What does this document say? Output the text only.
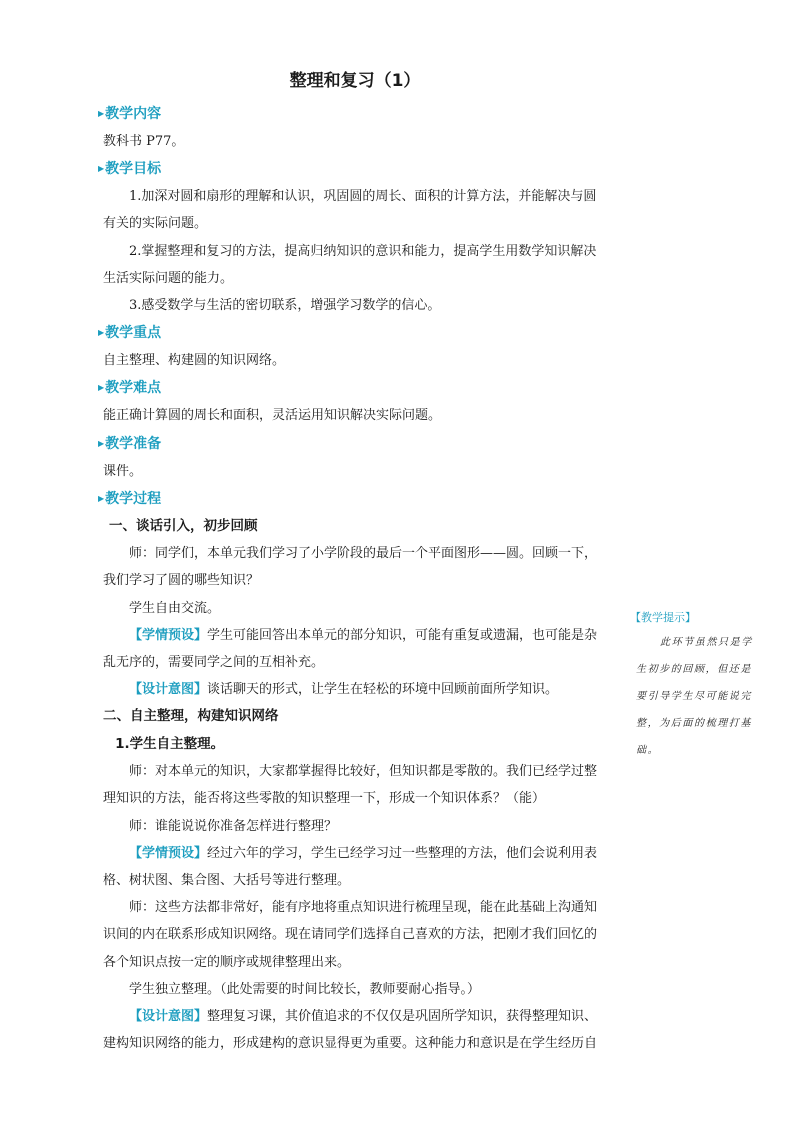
整理和复习（1）
▶教学内容

教科书 P77。

▶教学目标

1.加深对圆和扇形的理解和认识，巩固圆的周长、面积的计算方法，并能解决与圆有关的实际问题。

2.掌握整理和复习的方法，提高归纳知识的意识和能力，提高学生用数学知识解决生活实际问题的能力。

3.感受数学与生活的密切联系，增强学习数学的信心。

▶教学重点

自主整理、构建圆的知识网络。

▶教学难点

能正确计算圆的周长和面积，灵活运用知识解决实际问题。

▶教学准备

课件。

▶教学过程

一、谈话引入，初步回顾

师：同学们，本单元我们学习了小学阶段的最后一个平面图形——圆。回顾一下，我们学习了圆的哪些知识？

学生自由交流。

【学情预设】学生可能回答出本单元的部分知识，可能有重复或遗漏，也可能是杂乱无序的，需要同学之间的互相补充。

【设计意图】谈话聊天的形式，让学生在轻松的环境中回顾前面所学知识。

二、自主整理，构建知识网络

1.学生自主整理。

师：对本单元的知识，大家都掌握得比较好，但知识都是零散的。我们已经学过整理知识的方法，能否将这些零散的知识整理一下，形成一个知识体系？（能）

师：谁能说说你准备怎样进行整理？

【学情预设】经过六年的学习，学生已经学习过一些整理的方法，他们会说利用表格、树状图、集合图、大括号等进行整理。

师：这些方法都非常好，能有序地将重点知识进行梳理呈现，能在此基础上沟通知识间的内在联系形成知识网络。现在请同学们选择自己喜欢的方法，把刚才我们回忆的各个知识点按一定的顺序或规律整理出来。

学生独立整理。（此处需要的时间比较长，教师要耐心指导。）

【设计意图】整理复习课，其价值追求的不仅仅是巩固所学知识，获得整理知识、建构知识网络的能力，形成建构的意识显得更为重要。这种能力和意识是在学生经历自

【教学提示】
此环节虽然只是学生初步的回顾，但还是要引导学生尽可能说完整，为后面的梳理打基础。
